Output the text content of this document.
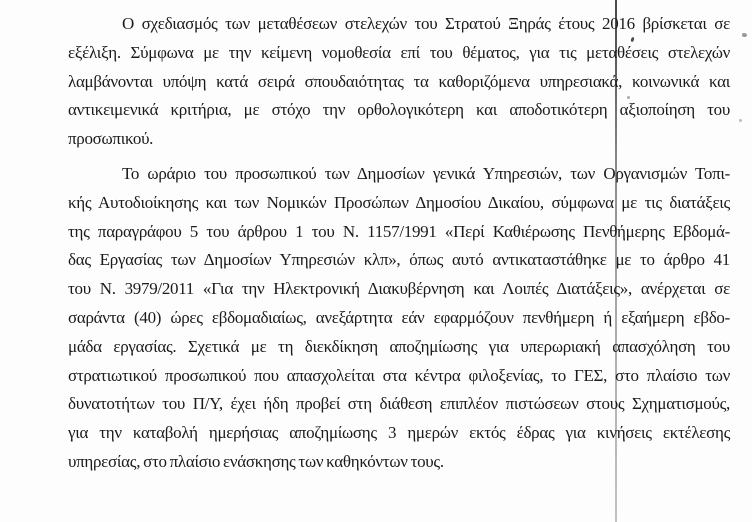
Ο σχεδιασμός των μεταθέσεων στελεχών του Στρατού Ξηράς έτους 2016 βρίσκεται σε
εξέλιξη. Σύμφωνα με την κείμενη νομοθεσία επί του θέματος, για τις μεταθέσεις στελεχών
λαμβάνονται υπόψη κατά σειρά σπουδαιότητας τα καθοριζόμενα υπηρεσιακά, κοινωνικά και
αντικειμενικά κριτήρια, με στόχο την ορθολογικότερη και αποδοτικότερη αξιοποίηση του
προσωπικού.
Το ωράριο του προσωπικού των Δημοσίων γενικά Υπηρεσιών, των Οργανισμών Τοπι-
κής Αυτοδιοίκησης και των Νομικών Προσώπων Δημοσίου Δικαίου, σύμφωνα με τις διατάξεις
της παραγράφου 5 του άρθρου 1 του Ν. 1157/1991 «Περί Καθιέρωσης Πενθήμερης Εβδομά-
δας Εργασίας των Δημοσίων Υπηρεσιών κλπ», όπως αυτό αντικαταστάθηκε με το άρθρο 41
του Ν. 3979/2011 «Για την Ηλεκτρονική Διακυβέρνηση και Λοιπές Διατάξεις», ανέρχεται σε
σαράντα (40) ώρες εβδομαδιαίως, ανεξάρτητα εάν εφαρμόζουν πενθήμερη ή εξαήμερη εβδο-
μάδα εργασίας. Σχετικά με τη διεκδίκηση αποζημίωσης για υπερωριακή απασχόληση του
στρατιωτικού προσωπικού που απασχολείται στα κέντρα φιλοξενίας, το ΓΕΣ, στο πλαίσιο των
δυνατοτήτων του Π/Υ, έχει ήδη προβεί στη διάθεση επιπλέον πιστώσεων στους Σχηματισμούς,
για την καταβολή ημερήσιας αποζημίωσης 3 ημερών εκτός έδρας για κινήσεις εκτέλεσης
υπηρεσίας, στο πλαίσιο ενάσκησης των καθηκόντων τους.
